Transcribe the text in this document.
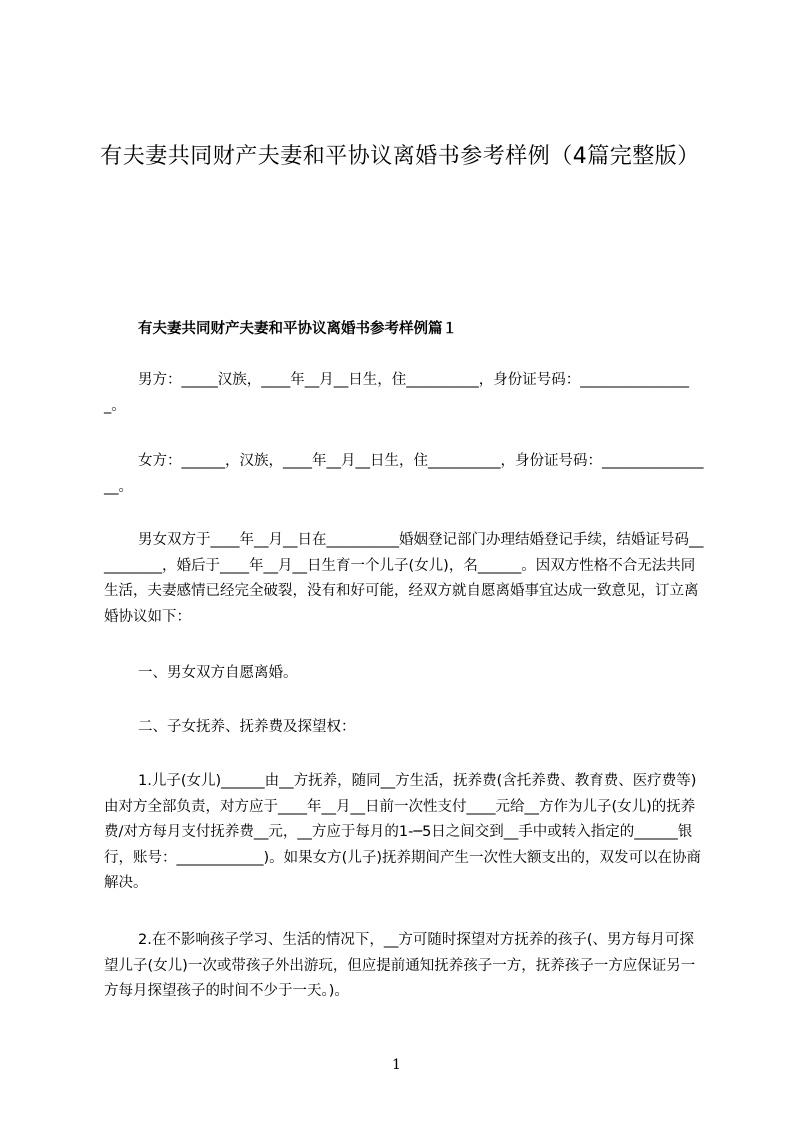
有夫妻共同财产夫妻和平协议离婚书参考样例（4篇完整版）
有夫妻共同财产夫妻和平协议离婚书参考样例篇１

男方：_____汉族，____年__月__日生，住__________，身份证号码：________________。

女方：______，汉族，____年__月__日生，住__________，身份证号码：________________。

男女双方于____年__月__日在__________婚姻登记部门办理结婚登记手续，结婚证号码__________，婚后于____年__月__日生育一个儿子(女儿)，名______。因双方性格不合无法共同生活，夫妻感情已经完全破裂，没有和好可能，经双方就自愿离婚事宜达成一致意见，订立离婚协议如下：

一、男女双方自愿离婚。

二、子女抚养、抚养费及探望权：

1.儿子(女儿)______由__方抚养，随同__方生活，抚养费(含托养费、教育费、医疗费等)由对方全部负责，对方应于____年__月__日前一次性支付____元给__方作为儿子(女儿)的抚养费/对方每月支付抚养费__元，__方应于每月的1-─5日之间交到__手中或转入指定的______银行，账号：____________)。如果女方(儿子)抚养期间产生一次性大额支出的，双发可以在协商解决。

2.在不影响孩子学习、生活的情况下，__方可随时探望对方抚养的孩子(、男方每月可探望儿子(女儿)一次或带孩子外出游玩，但应提前通知抚养孩子一方，抚养孩子一方应保证另一方每月探望孩子的时间不少于一天。)。

1
